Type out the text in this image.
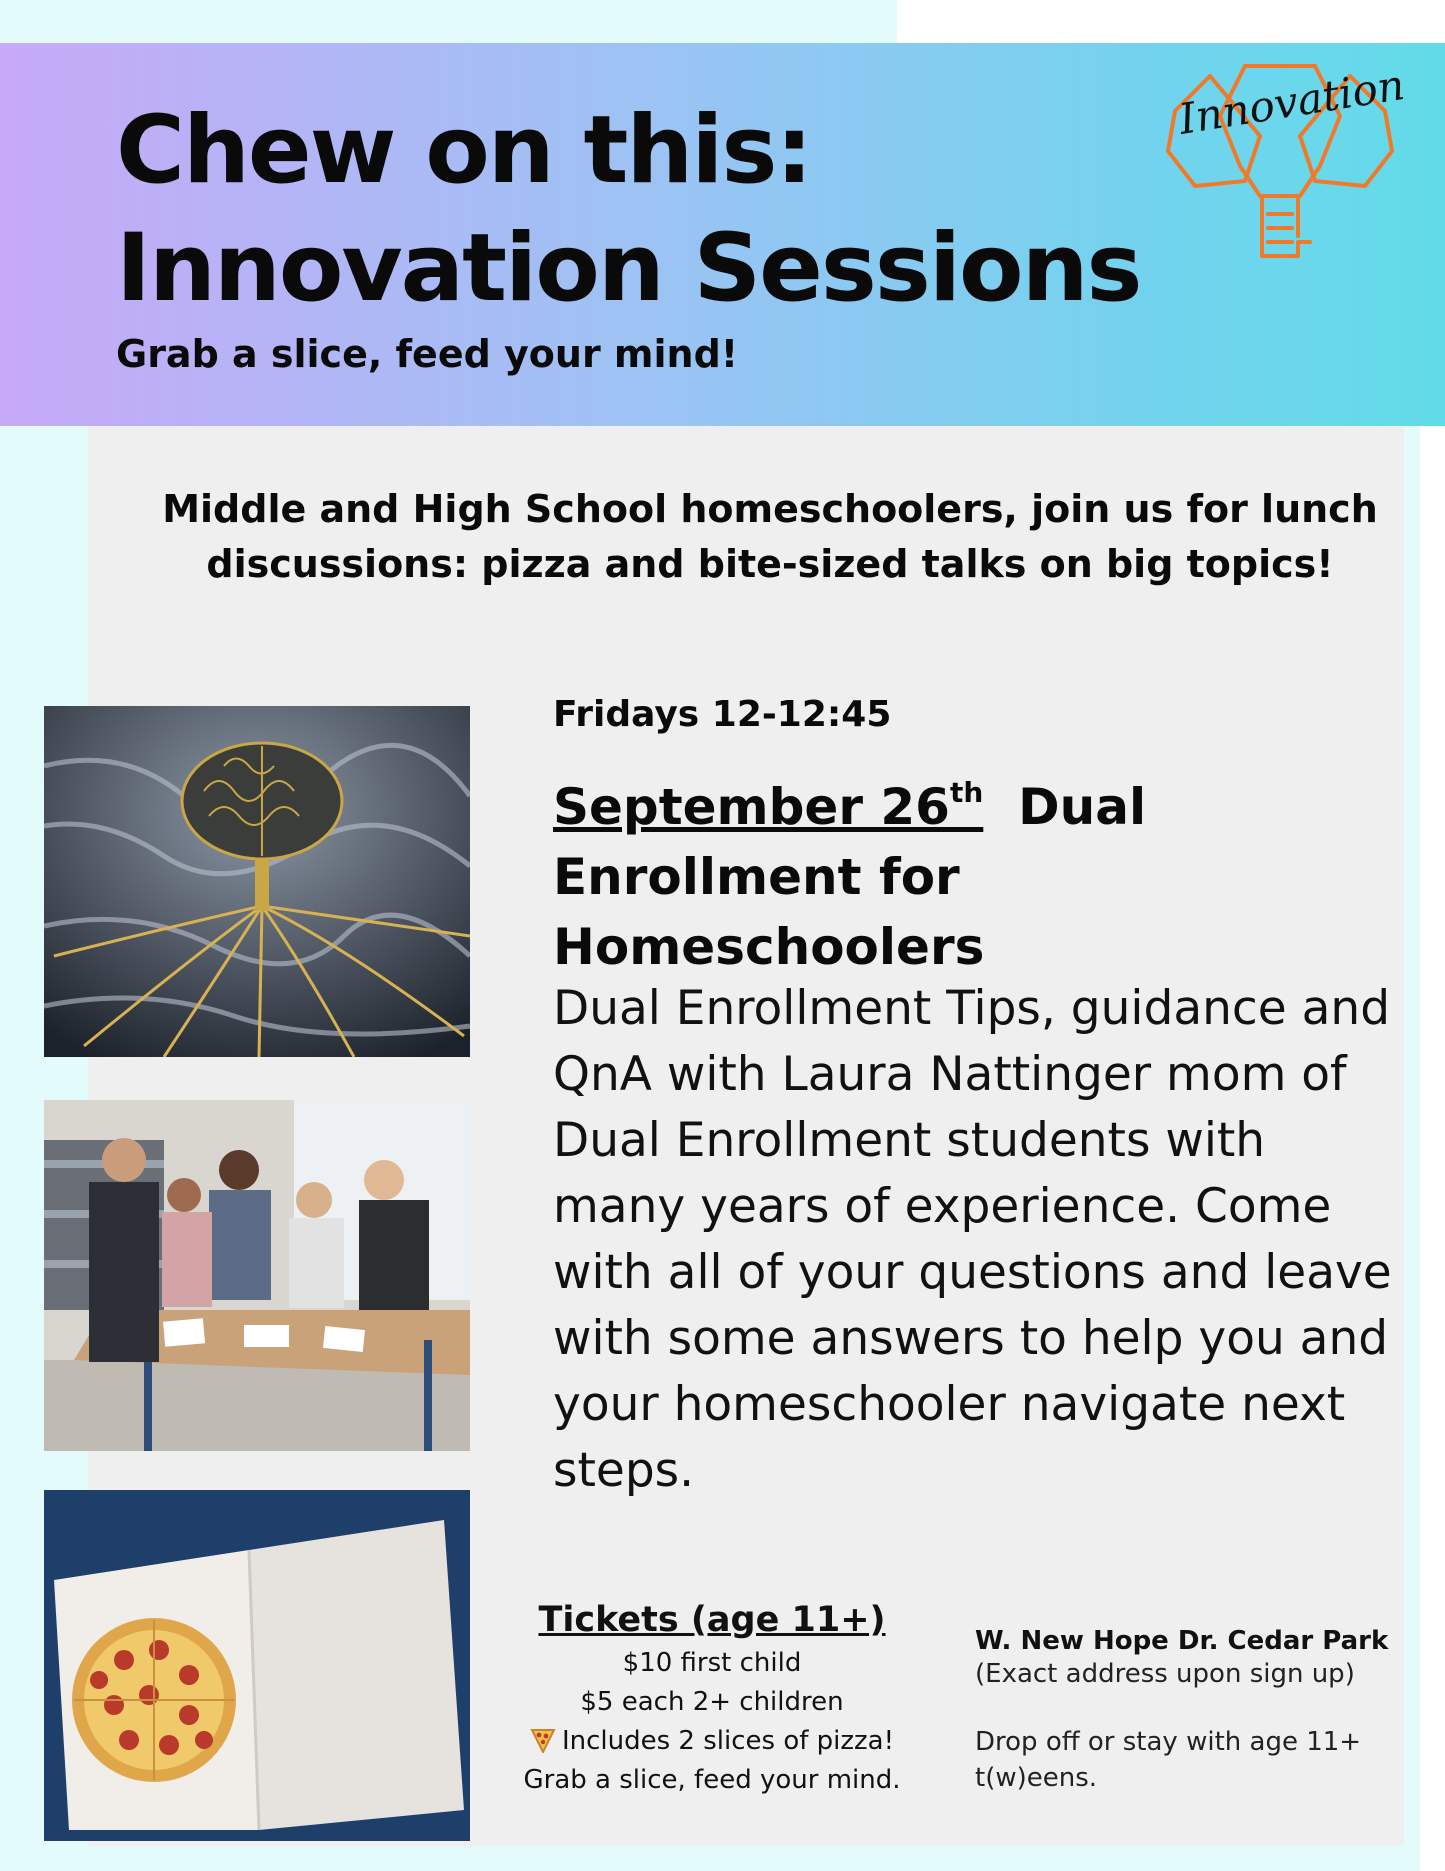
Chew on this:
Innovation Sessions

Grab a slice, feed your mind!

Innovation

Middle and High School homeschoolers, join us for lunch discussions: pizza and bite-sized talks on big topics!

Fridays 12-12:45

September 26th Dual Enrollment for Homeschoolers

Dual Enrollment Tips, guidance and QnA with Laura Nattinger mom of Dual Enrollment students with many years of experience. Come with all of your questions and leave with some answers to help you and your homeschooler navigate next steps.

Tickets (age 11+)

$10 first child

$5 each 2+ children

Includes 2 slices of pizza!

Grab a slice, feed your mind.

W. New Hope Dr. Cedar Park

(Exact address upon sign up)

Drop off or stay with age 11+ t(w)eens.
